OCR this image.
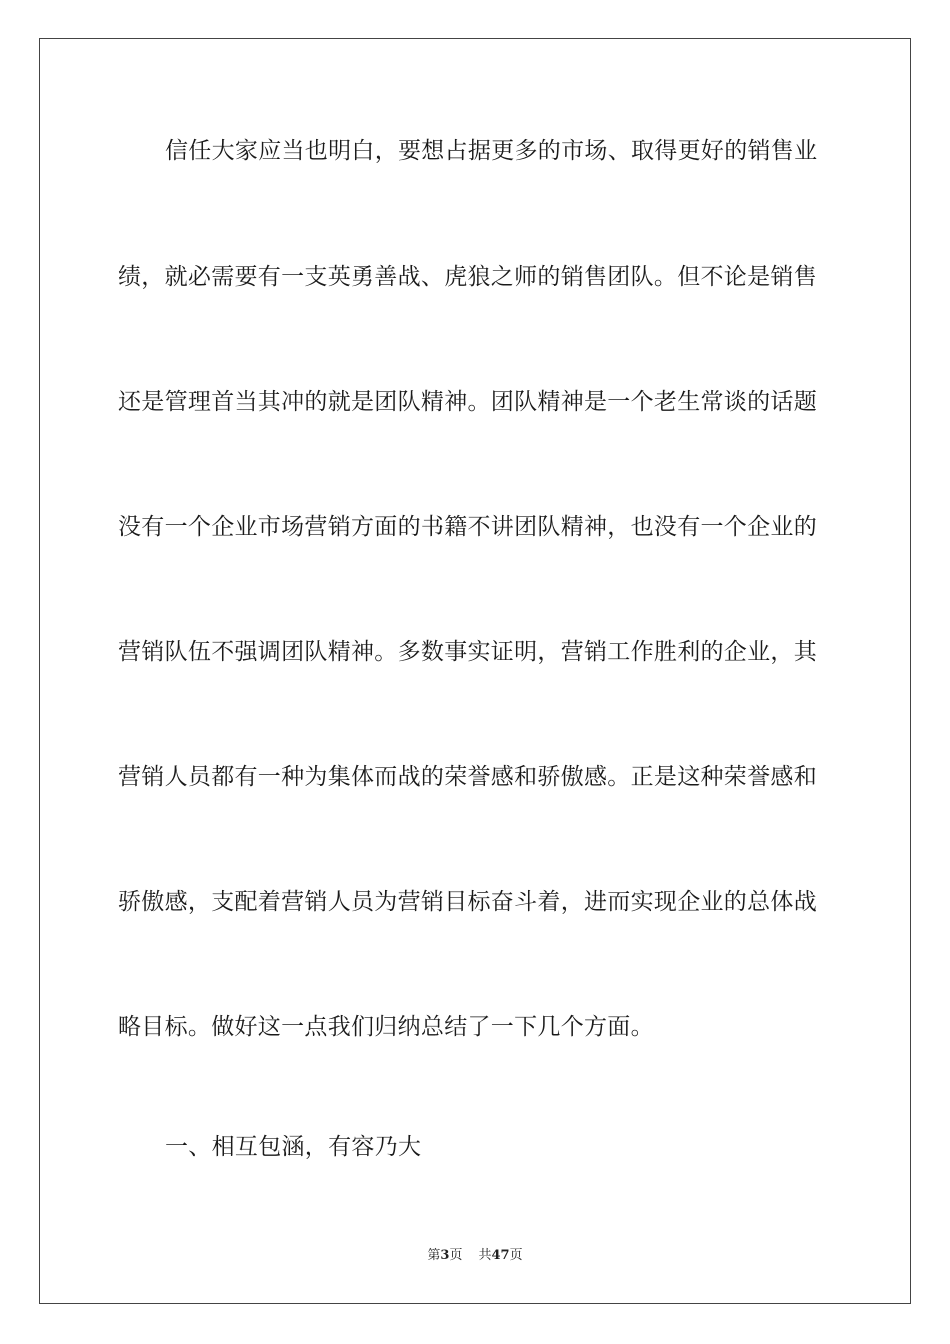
信任大家应当也明白，要想占据更多的市场、取得更好的销售业
绩，就必需要有一支英勇善战、虎狼之师的销售团队。但不论是销售
还是管理首当其冲的就是团队精神。团队精神是一个老生常谈的话题
没有一个企业市场营销方面的书籍不讲团队精神，也没有一个企业的
营销队伍不强调团队精神。多数事实证明，营销工作胜利的企业，其
营销人员都有一种为集体而战的荣誉感和骄傲感。正是这种荣誉感和
骄傲感，支配着营销人员为营销目标奋斗着，进而实现企业的总体战
略目标。做好这一点我们归纳总结了一下几个方面。
一、相互包涵，有容乃大
第3页 共47页
